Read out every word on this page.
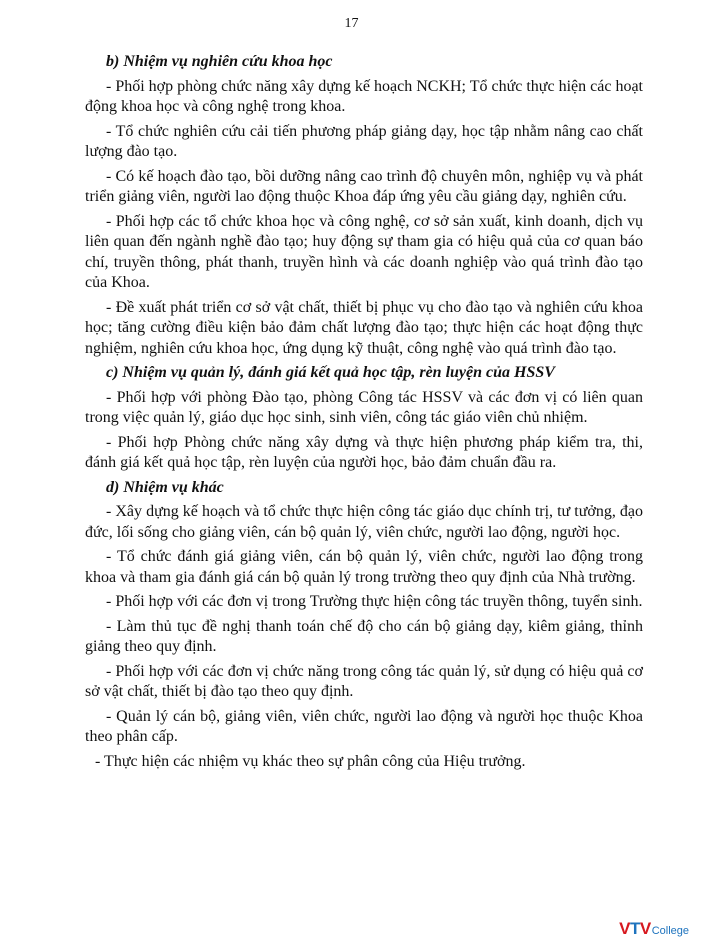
17

b) Nhiệm vụ nghiên cứu khoa học

- Phối hợp phòng chức năng xây dựng kế hoạch NCKH; Tổ chức thực hiện các hoạt động khoa học và công nghệ trong khoa.

- Tổ chức nghiên cứu cải tiến phương pháp giảng dạy, học tập nhằm nâng cao chất lượng đào tạo.

- Có kế hoạch đào tạo, bồi dưỡng nâng cao trình độ chuyên môn, nghiệp vụ và phát triển giảng viên, người lao động thuộc Khoa đáp ứng yêu cầu giảng dạy, nghiên cứu.

- Phối hợp các tổ chức khoa học và công nghệ, cơ sở sản xuất, kinh doanh, dịch vụ liên quan đến ngành nghề đào tạo; huy động sự tham gia có hiệu quả của cơ quan báo chí, truyền thông, phát thanh, truyền hình và các doanh nghiệp vào quá trình đào tạo của Khoa.

- Đề xuất phát triển cơ sở vật chất, thiết bị phục vụ cho đào tạo và nghiên cứu khoa học; tăng cường điều kiện bảo đảm chất lượng đào tạo; thực hiện các hoạt động thực nghiệm, nghiên cứu khoa học, ứng dụng kỹ thuật, công nghệ vào quá trình đào tạo.

c) Nhiệm vụ quản lý, đánh giá kết quả học tập, rèn luyện của HSSV

- Phối hợp với phòng Đào tạo, phòng Công tác HSSV và các đơn vị có liên quan trong việc quản lý, giáo dục học sinh, sinh viên, công tác giáo viên chủ nhiệm.

- Phối hợp Phòng chức năng xây dựng và thực hiện phương pháp kiểm tra, thi, đánh giá kết quả học tập, rèn luyện của người học, bảo đảm chuẩn đầu ra.

d) Nhiệm vụ khác

- Xây dựng kế hoạch và tổ chức thực hiện công tác giáo dục chính trị, tư tưởng, đạo đức, lối sống cho giảng viên, cán bộ quản lý, viên chức, người lao động, người học.

- Tổ chức đánh giá giảng viên, cán bộ quản lý, viên chức, người lao động trong khoa và tham gia đánh giá cán bộ quản lý trong trường theo quy định của Nhà trường.

- Phối hợp với các đơn vị trong Trường thực hiện công tác truyền thông, tuyển sinh.

- Làm thủ tục đề nghị thanh toán chế độ cho cán bộ giảng dạy, kiêm giảng, thỉnh giảng theo quy định.

- Phối hợp với các đơn vị chức năng trong công tác quản lý, sử dụng có hiệu quả cơ sở vật chất, thiết bị đào tạo theo quy định.

- Quản lý cán bộ, giảng viên, viên chức, người lao động và người học thuộc Khoa theo phân cấp.

- Thực hiện các nhiệm vụ khác theo sự phân công của Hiệu trưởng.

VTV College
